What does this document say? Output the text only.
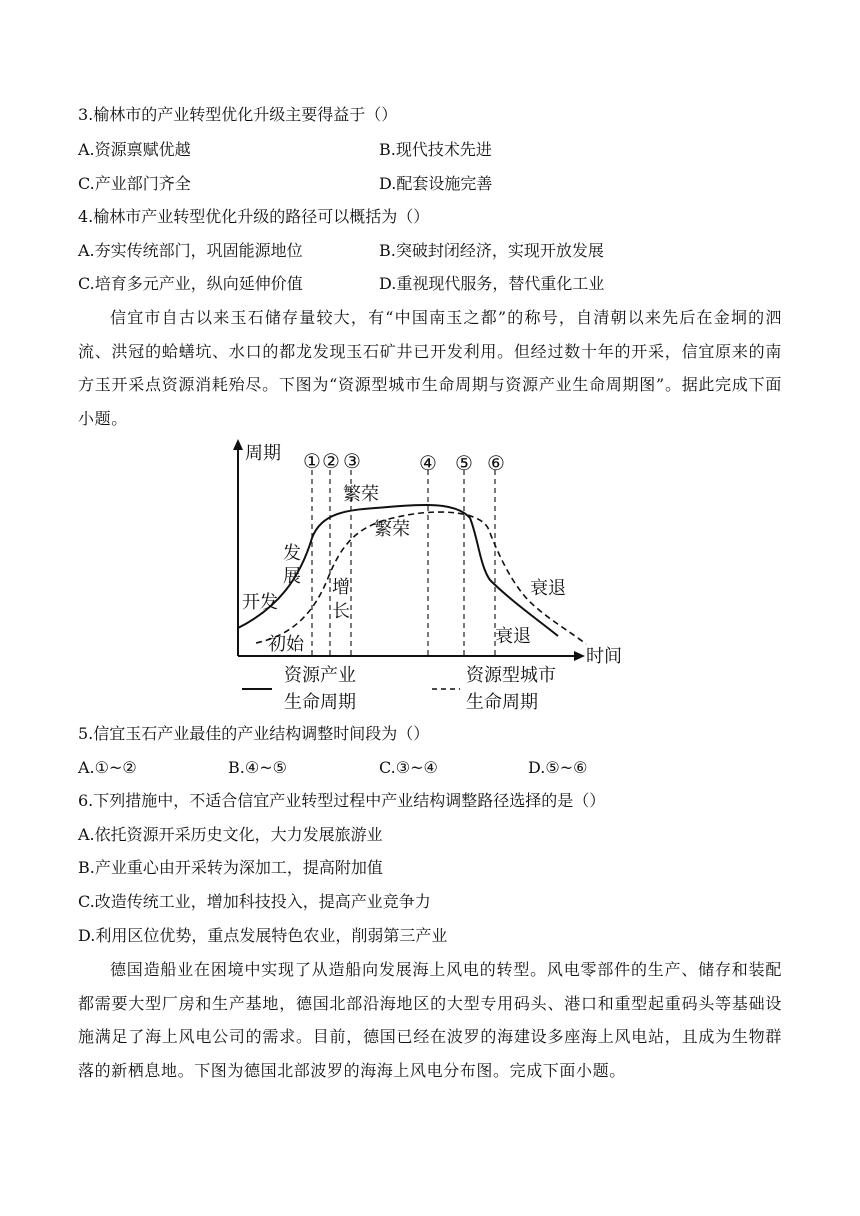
3.榆林市的产业转型优化升级主要得益于（）
A.资源禀赋优越	B.现代技术先进
C.产业部门齐全	D.配套设施完善
4.榆林市产业转型优化升级的路径可以概括为（）
A.夯实传统部门，巩固能源地位	B.突破封闭经济，实现开放发展
C.培育多元产业，纵向延伸价值	D.重视现代服务，替代重化工业
信宜市自古以来玉石储存量较大，有“中国南玉之都”的称号，自清朝以来先后在金垌的泗流、洪冠的蛤蟮坑、水口的都龙发现玉石矿井已开发利用。但经过数十年的开采，信宜原来的南方玉开采点资源消耗殆尽。下图为“资源型城市生命周期与资源产业生命周期图”。据此完成下面小题。
周期
时间
① ② ③	④ ⑤ ⑥
开发
发
展
繁荣
衰退
初始
增
长
繁荣
衰退
资源产业
生命周期
资源型城市
生命周期
5.信宜玉石产业最佳的产业结构调整时间段为（）
A.①~②	B.④~⑤	C.③~④	D.⑤~⑥
6.下列措施中，不适合信宜产业转型过程中产业结构调整路径选择的是（）
A.依托资源开采历史文化，大力发展旅游业
B.产业重心由开采转为深加工，提高附加值
C.改造传统工业，增加科技投入，提高产业竞争力
D.利用区位优势，重点发展特色农业，削弱第三产业
德国造船业在困境中实现了从造船向发展海上风电的转型。风电零部件的生产、储存和装配都需要大型厂房和生产基地，德国北部沿海地区的大型专用码头、港口和重型起重码头等基础设施满足了海上风电公司的需求。目前，德国已经在波罗的海建设多座海上风电站，且成为生物群落的新栖息地。下图为德国北部波罗的海海上风电分布图。完成下面小题。
